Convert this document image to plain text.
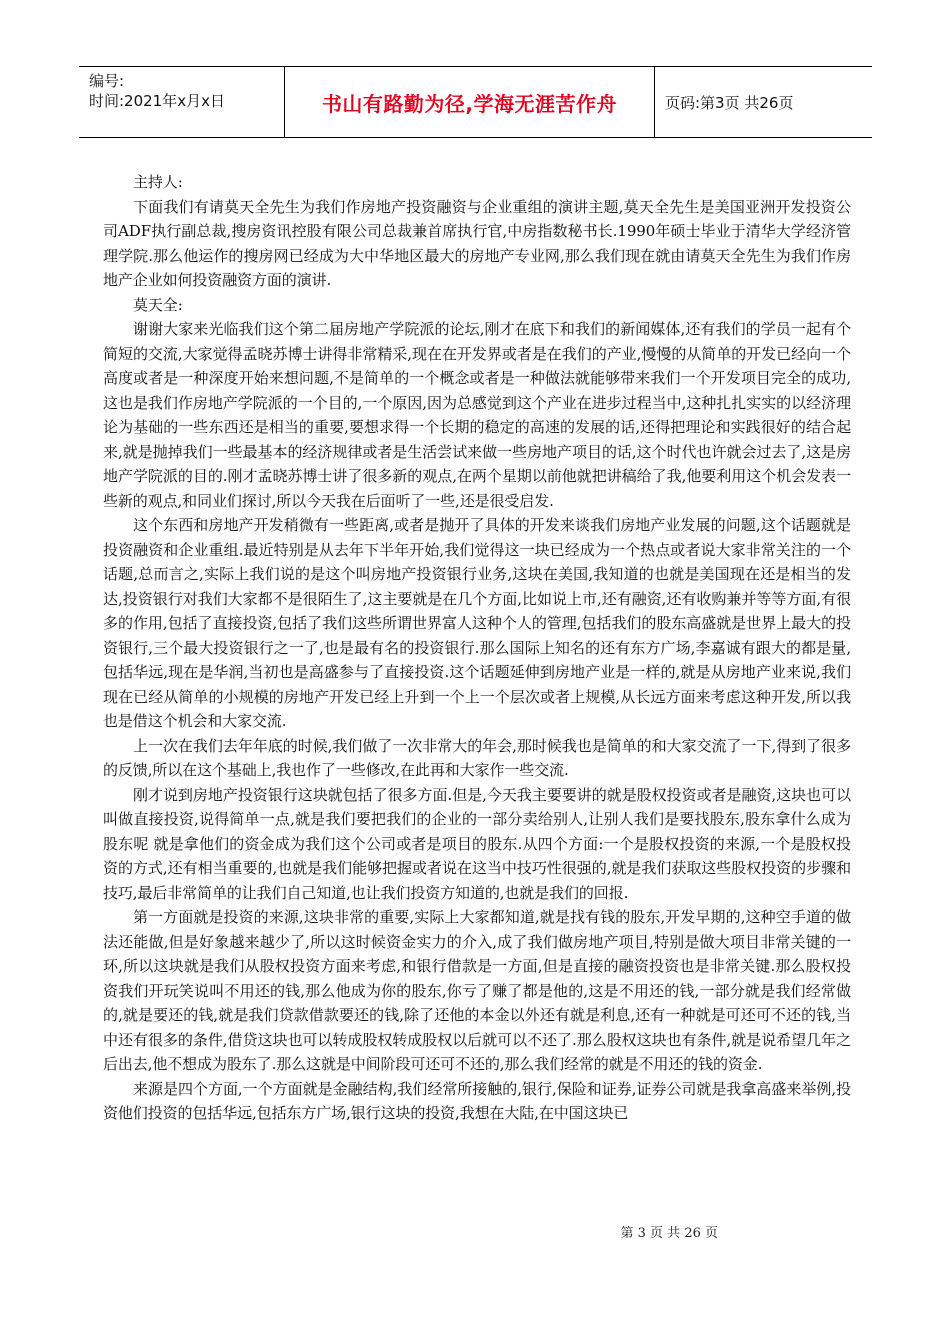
编号:
时间:2021年x月x日	书山有路勤为径,学海无涯苦作舟	页码:第3页 共26页

主持人:

下面我们有请莫天全先生为我们作房地产投资融资与企业重组的演讲主题,莫天全先生是美国亚洲开发投资公司ADF执行副总裁,搜房资讯控股有限公司总裁兼首席执行官,中房指数秘书长.1990年硕士毕业于清华大学经济管理学院.那么他运作的搜房网已经成为大中华地区最大的房地产专业网,那么我们现在就由请莫天全先生为我们作房地产企业如何投资融资方面的演讲.

莫天全:

谢谢大家来光临我们这个第二届房地产学院派的论坛,刚才在底下和我们的新闻媒体,还有我们的学员一起有个简短的交流,大家觉得孟晓苏博士讲得非常精采,现在在开发界或者是在我们的产业,慢慢的从简单的开发已经向一个高度或者是一种深度开始来想问题,不是简单的一个概念或者是一种做法就能够带来我们一个开发项目完全的成功,这也是我们作房地产学院派的一个目的,一个原因,因为总感觉到这个产业在进步过程当中,这种扎扎实实的以经济理论为基础的一些东西还是相当的重要,要想求得一个长期的稳定的高速的发展的话,还得把理论和实践很好的结合起来,就是抛掉我们一些最基本的经济规律或者是生活尝试来做一些房地产项目的话,这个时代也许就会过去了,这是房地产学院派的目的.刚才孟晓苏博士讲了很多新的观点,在两个星期以前他就把讲稿给了我,他要利用这个机会发表一些新的观点,和同业们探讨,所以今天我在后面听了一些,还是很受启发.

这个东西和房地产开发稍微有一些距离,或者是抛开了具体的开发来谈我们房地产业发展的问题,这个话题就是投资融资和企业重组.最近特别是从去年下半年开始,我们觉得这一块已经成为一个热点或者说大家非常关注的一个话题,总而言之,实际上我们说的是这个叫房地产投资银行业务,这块在美国,我知道的也就是美国现在还是相当的发达,投资银行对我们大家都不是很陌生了,这主要就是在几个方面,比如说上市,还有融资,还有收购兼并等等方面,有很多的作用,包括了直接投资,包括了我们这些所谓世界富人这种个人的管理,包括我们的股东高盛就是世界上最大的投资银行,三个最大投资银行之一了,也是最有名的投资银行.那么国际上知名的还有东方广场,李嘉诚有跟大的都是量,包括华远,现在是华润,当初也是高盛参与了直接投资.这个话题延伸到房地产业是一样的,就是从房地产业来说,我们现在已经从简单的小规模的房地产开发已经上升到一个上一个层次或者上规模,从长远方面来考虑这种开发,所以我也是借这个机会和大家交流.

上一次在我们去年年底的时候,我们做了一次非常大的年会,那时候我也是简单的和大家交流了一下,得到了很多的反馈,所以在这个基础上,我也作了一些修改,在此再和大家作一些交流.

刚才说到房地产投资银行这块就包括了很多方面.但是,今天我主要要讲的就是股权投资或者是融资,这块也可以叫做直接投资,说得简单一点,就是我们要把我们的企业的一部分卖给别人,让别人我们是要找股东,股东拿什么成为股东呢 就是拿他们的资金成为我们这个公司或者是项目的股东.从四个方面:一个是股权投资的来源,一个是股权投资的方式,还有相当重要的,也就是我们能够把握或者说在这当中技巧性很强的,就是我们获取这些股权投资的步骤和技巧,最后非常简单的让我们自己知道,也让我们投资方知道的,也就是我们的回报.

第一方面就是投资的来源,这块非常的重要,实际上大家都知道,就是找有钱的股东,开发早期的,这种空手道的做法还能做,但是好象越来越少了,所以这时候资金实力的介入,成了我们做房地产项目,特别是做大项目非常关键的一环,所以这块就是我们从股权投资方面来考虑,和银行借款是一方面,但是直接的融资投资也是非常关键.那么股权投资我们开玩笑说叫不用还的钱,那么他成为你的股东,你亏了赚了都是他的,这是不用还的钱,一部分就是我们经常做的,就是要还的钱,就是我们贷款借款要还的钱,除了还他的本金以外还有就是利息,还有一种就是可还可不还的钱,当中还有很多的条件,借贷这块也可以转成股权转成股权以后就可以不还了.那么股权这块也有条件,就是说希望几年之后出去,他不想成为股东了.那么这就是中间阶段可还可不还的,那么我们经常的就是不用还的钱的资金.

来源是四个方面,一个方面就是金融结构,我们经常所接触的,银行,保险和证券,证券公司就是我拿高盛来举例,投资他们投资的包括华远,包括东方广场,银行这块的投资,我想在大陆,在中国这块已

第 3 页 共 26 页
